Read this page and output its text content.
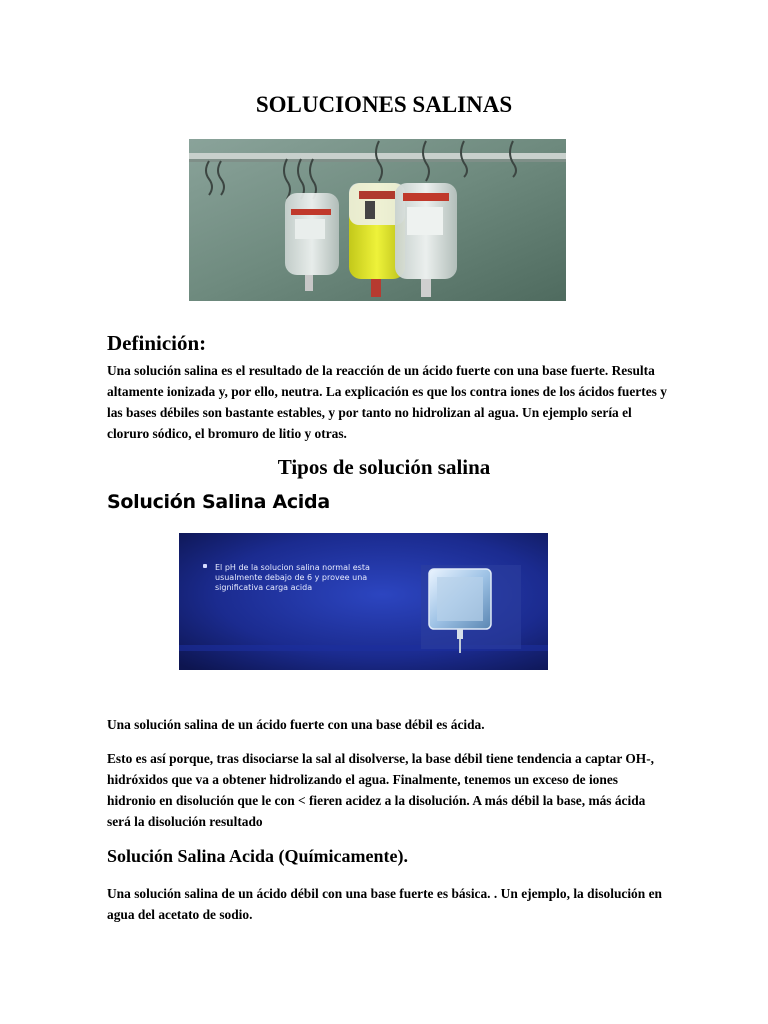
SOLUCIONES SALINAS
Definición:

Una solución salina es el resultado de la reacción de un ácido fuerte con una base fuerte. Resulta altamente ionizada y, por ello, neutra. La explicación es que los contra iones de los ácidos fuertes y las bases débiles son bastante estables, y por tanto no hidrolizan al agua. Un ejemplo sería el cloruro sódico, el bromuro de litio y otras.

Tipos de solución salina
Solución Salina Acida

El pH de la solucion salina normal esta usualmente debajo de 6 y provee una significativa carga acida

Una solución salina de un ácido fuerte con una base débil es ácida.

Esto es así porque, tras disociarse la sal al disolverse, la base débil tiene tendencia a captar OH-, hidróxidos que va a obtener hidrolizando el agua. Finalmente, tenemos un exceso de iones hidronio en disolución que le con < fieren acidez a la disolución. A más débil la base, más ácida será la disolución resultado

Solución Salina Acida (Químicamente).

Una solución salina de un ácido débil con una base fuerte es básica. . Un ejemplo, la disolución en agua del acetato de sodio.
